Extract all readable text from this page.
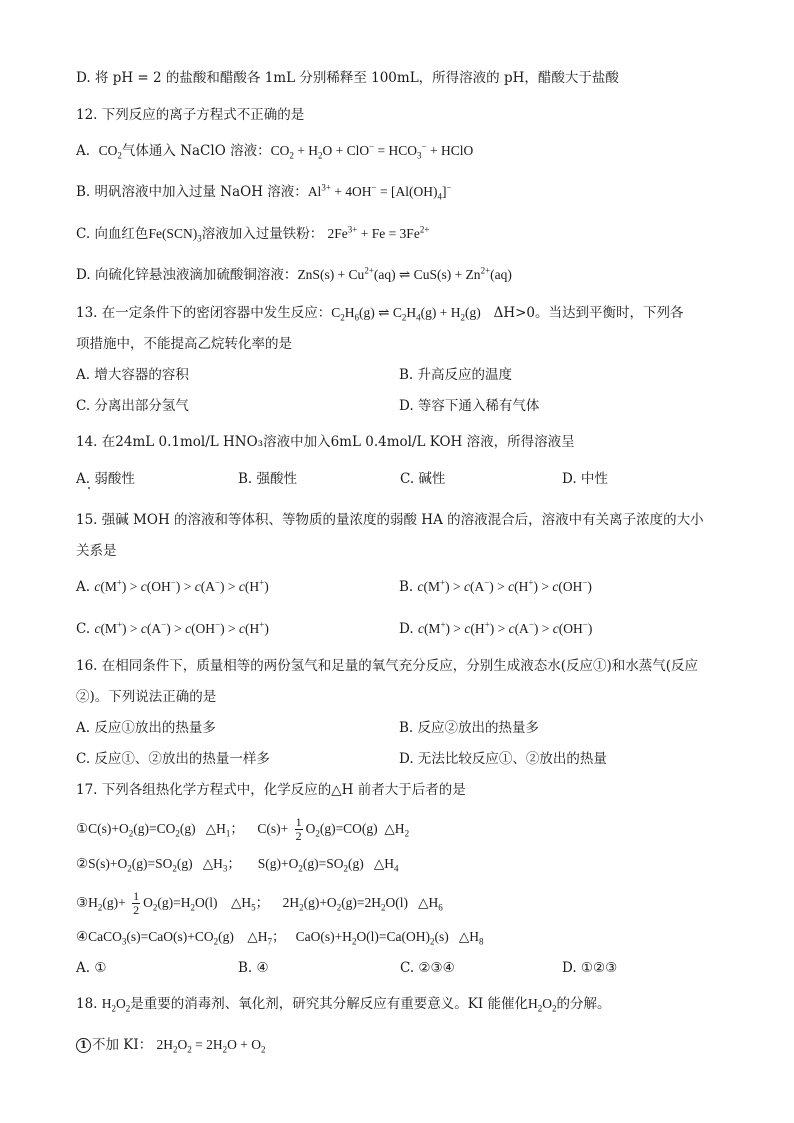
D. 将 pH = 2 的盐酸和醋酸各 1mL 分别稀释至 100mL，所得溶液的 pH，醋酸大于盐酸
12. 下列反应的离子方程式不正确的是
A. $CO_2$气体通入 NaClO 溶液：$CO_2 + H_2O + ClO^- = HCO_3^-$ + HClO
B. 明矾溶液中加入过量 NaOH 溶液：$Al^{3+} + 4OH^- = [Al(OH)_4]^-$
C. 向血红色$Fe(SCN)_3$溶液加入过量铁粉： $2Fe^{3+} + Fe = 3Fe^{2+}$
D. 向硫化锌悬浊液滴加硫酸铜溶液：$ZnS(s) + Cu^{2+}(aq)$ ⇌ $CuS(s) + Zn^{2+}(aq)$
13. 在一定条件下的密闭容器中发生反应：$C_2H_6(g)$ ⇌ $C_2H_4(g) + H_2(g)$ ΔH>0。当达到平衡时，下列各
项措施中，不能提高乙烷转化率的是
A. 增大容器的容积	B. 升高反应的温度
C. 分离出部分氢气	D. 等容下通入稀有气体
14. 在24mL 0.1mol/L HNO₃溶液中加入6mL 0.4mol/L KOH 溶液，所得溶液呈
A. 弱酸性	B. 强酸性	C. 碱性	D. 中性
15. 强碱 MOH 的溶液和等体积、等物质的量浓度的弱酸 HA 的溶液混合后，溶液中有关离子浓度的大小
关系是
A. c(M+) > c(OH−) > c(A−) > c(H+)	B. c(M+) > c(A−) > c(H+) > c(OH−)
C. c(M+) > c(A−) > c(OH−) > c(H+)	D. c(M+) > c(H+) > c(A−) > c(OH−)
16. 在相同条件下，质量相等的两份氢气和足量的氧气充分反应，分别生成液态水(反应①)和水蒸气(反应
②)。下列说法正确的是
A. 反应①放出的热量多	B. 反应②放出的热量多
C. 反应①、②放出的热量一样多	D. 无法比较反应①、②放出的热量
17. 下列各组热化学方程式中，化学反应的△H 前者大于后者的是
$①C(s)+O_2(g)=CO_2(g)$   $\triangle H_1$；    $C(s)+ \frac{1}{2} O_2(g)=CO(g)$  $\triangle H_2$
$②S(s)+O_2(g)=SO_2(g)$   $\triangle H_3$；     $S(g)+O_2(g)=SO_2(g)$   $\triangle H_4$
$③H_2(g)+ \frac{1}{2} O_2(g)=H_2O(l)$    $\triangle H_5$；    $2H_2(g)+O_2(g)=2H_2O(l)$   $\triangle H_6$
$④CaCO_3(s)=CaO(s)+CO_2(g)$    $\triangle H_7$；   $CaO(s)+H_2O(l)=Ca(OH)_2(s)$   $\triangle H_8$
A. ①	B. ④	C. ②③④	D. ①②③
18. $H_2O_2$是重要的消毒剂、氧化剂，研究其分解反应有重要意义。KI 能催化$H_2O_2$的分解。
1 不加 KI： $2H_2O_2 = 2H_2O + O_2$
